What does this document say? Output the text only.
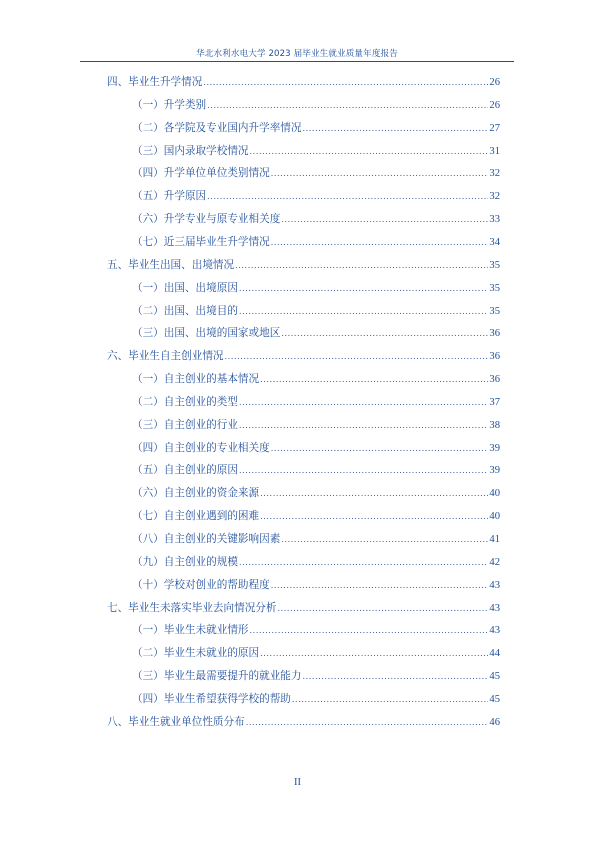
华北水利水电大学 2023 届毕业生就业质量年度报告
四、毕业生升学情况 .....	26
（一）升学类别 .....	26
（二）各学院及专业国内升学率情况 .....	27
（三）国内录取学校情况 .....	31
（四）升学单位单位类别情况 .....	32
（五）升学原因 .....	32
（六）升学专业与原专业相关度 .....	33
（七）近三届毕业生升学情况 .....	34
五、毕业生出国、出境情况 .....	35
（一）出国、出境原因 .....	35
（二）出国、出境目的 .....	35
（三）出国、出境的国家或地区 .....	36
六、毕业生自主创业情况 .....	36
（一）自主创业的基本情况 .....	36
（二）自主创业的类型 .....	37
（三）自主创业的行业 .....	38
（四）自主创业的专业相关度 .....	39
（五）自主创业的原因 .....	39
（六）自主创业的资金来源 .....	40
（七）自主创业遇到的困难 .....	40
（八）自主创业的关键影响因素 .....	41
（九）自主创业的规模 .....	42
（十）学校对创业的帮助程度 .....	43
七、毕业生未落实毕业去向情况分析 .....	43
（一）毕业生未就业情形 .....	43
（二）毕业生未就业的原因 .....	44
（三）毕业生最需要提升的就业能力 .....	45
（四）毕业生希望获得学校的帮助 .....	45
八、毕业生就业单位性质分布 .....	46
II
